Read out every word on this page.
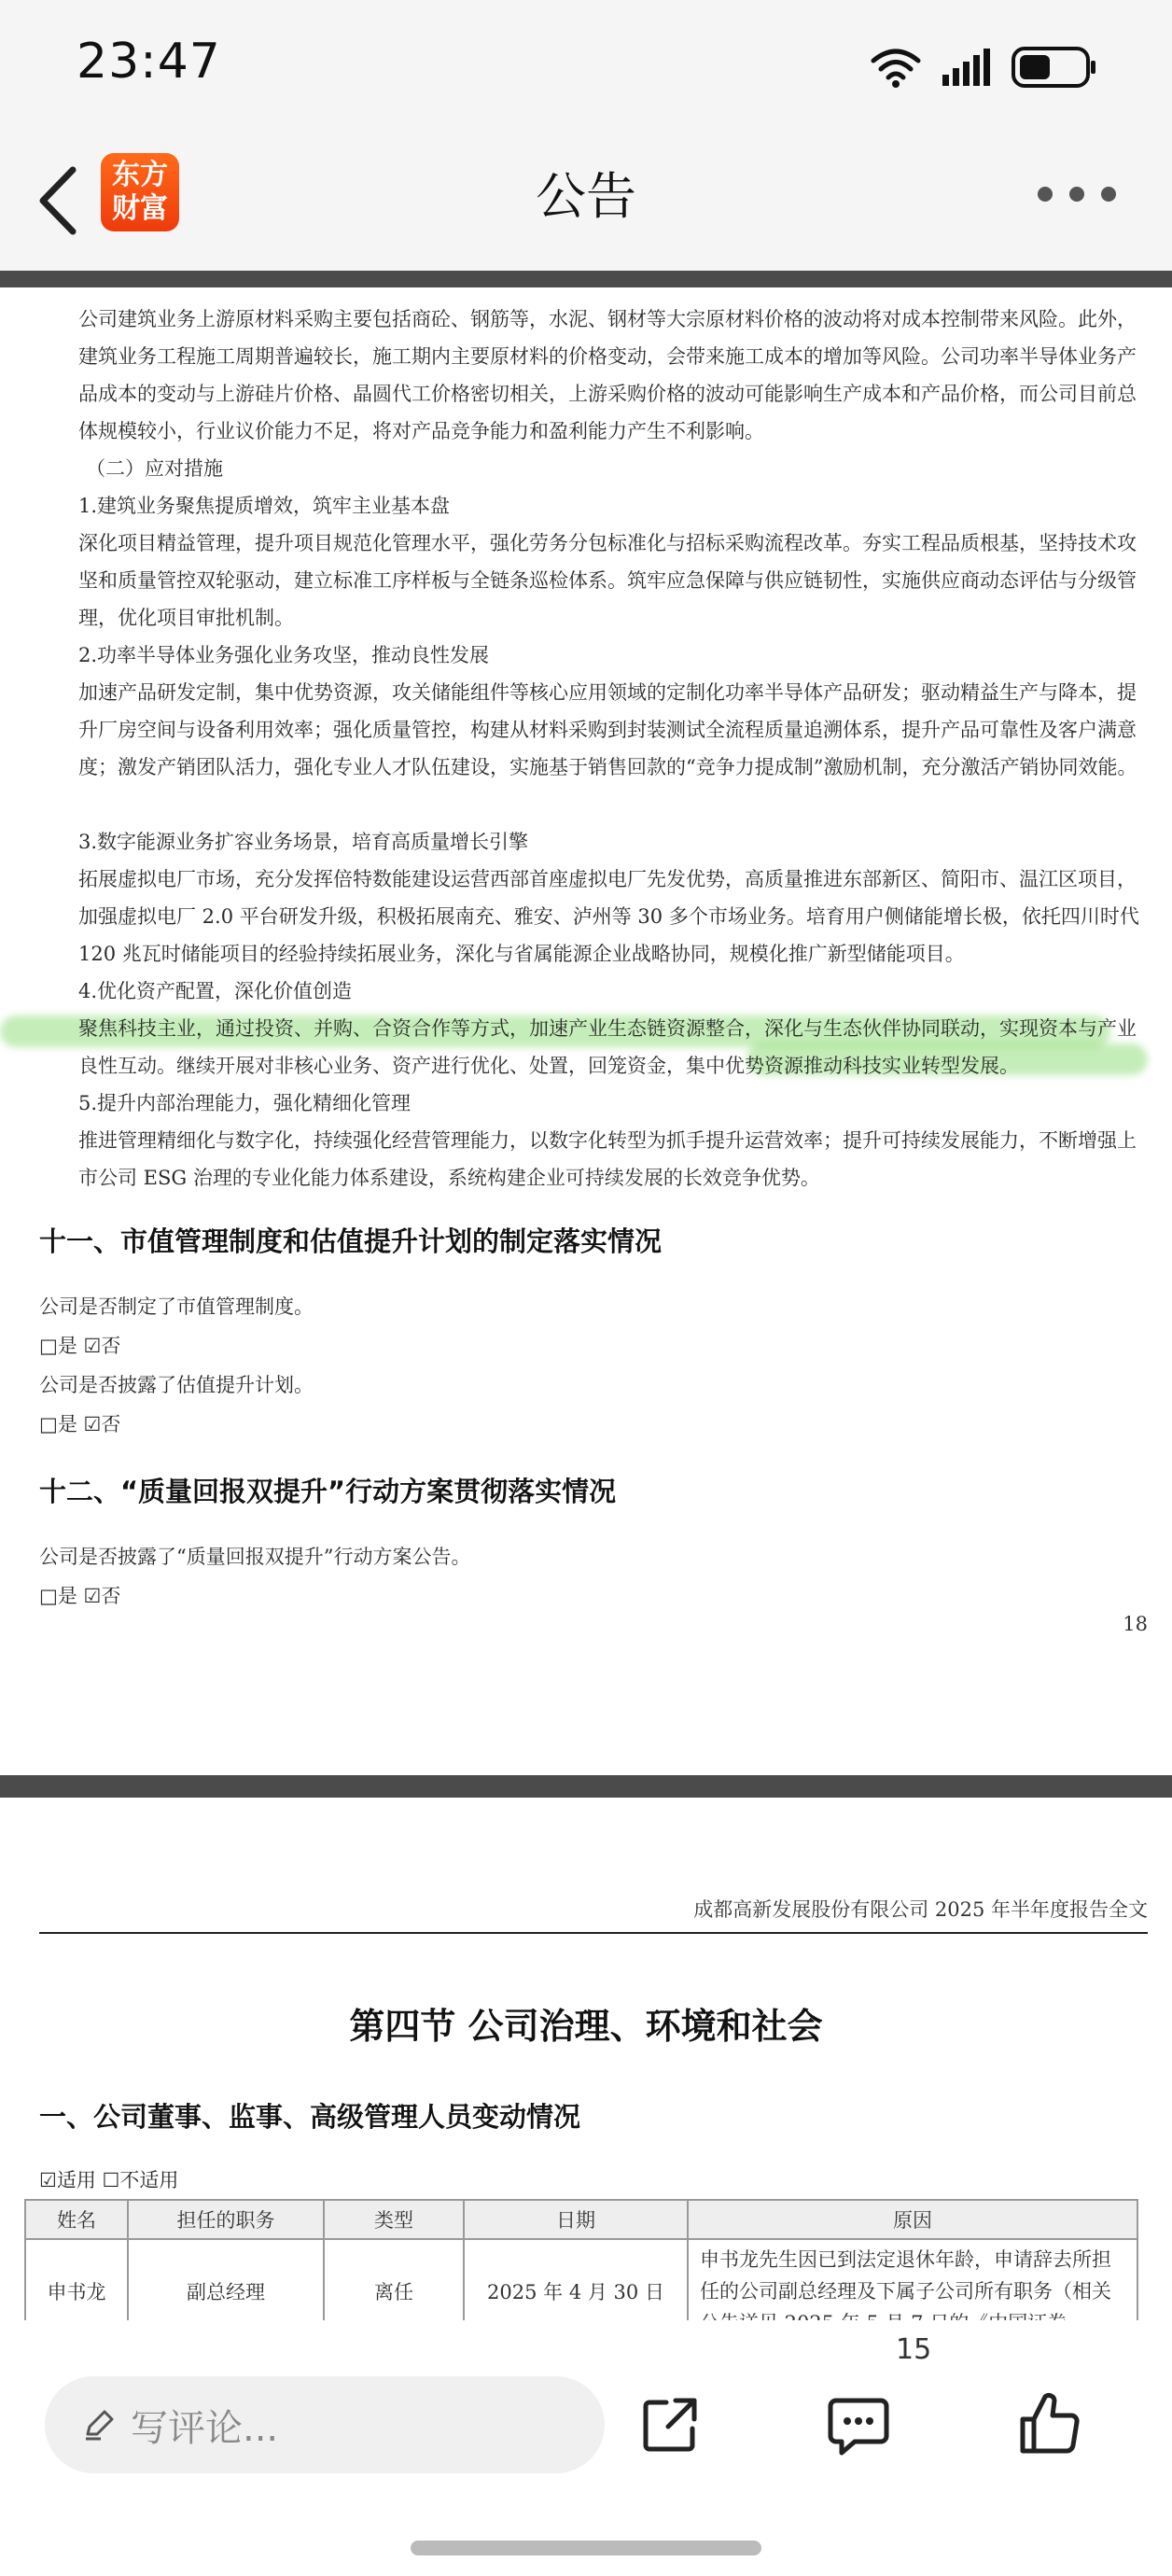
23:47
东方
财富	公告
公司建筑业务上游原材料采购主要包括商砼、钢筋等，水泥、钢材等大宗原材料价格的波动将对成本控制带来风险。此外，建筑业务工程施工周期普遍较长，施工期内主要原材料的价格变动，会带来施工成本的增加等风险。公司功率半导体业务产品成本的变动与上游硅片价格、晶圆代工价格密切相关，上游采购价格的波动可能影响生产成本和产品价格，而公司目前总体规模较小，行业议价能力不足，将对产品竞争能力和盈利能力产生不利影响。
（二）应对措施
1.建筑业务聚焦提质增效，筑牢主业基本盘
深化项目精益管理，提升项目规范化管理水平，强化劳务分包标准化与招标采购流程改革。夯实工程品质根基，坚持技术攻坚和质量管控双轮驱动，建立标准工序样板与全链条巡检体系。筑牢应急保障与供应链韧性，实施供应商动态评估与分级管理，优化项目审批机制。
2.功率半导体业务强化业务攻坚，推动良性发展
加速产品研发定制，集中优势资源，攻关储能组件等核心应用领域的定制化功率半导体产品研发；驱动精益生产与降本，提升厂房空间与设备利用效率；强化质量管控，构建从材料采购到封装测试全流程质量追溯体系，提升产品可靠性及客户满意度；激发产销团队活力，强化专业人才队伍建设，实施基于销售回款的“竞争力提成制”激励机制，充分激活产销协同效能。
3.数字能源业务扩容业务场景，培育高质量增长引擎
拓展虚拟电厂市场，充分发挥倍特数能建设运营西部首座虚拟电厂先发优势，高质量推进东部新区、简阳市、温江区项目，加强虚拟电厂 2.0 平台研发升级，积极拓展南充、雅安、泸州等 30 多个市场业务。培育用户侧储能增长极，依托四川时代 120 兆瓦时储能项目的经验持续拓展业务，深化与省属能源企业战略协同，规模化推广新型储能项目。
4.优化资产配置，深化价值创造
聚焦科技主业，通过投资、并购、合资合作等方式，加速产业生态链资源整合，深化与生态伙伴协同联动，实现资本与产业良性互动。继续开展对非核心业务、资产进行优化、处置，回笼资金，集中优势资源推动科技实业转型发展。
5.提升内部治理能力，强化精细化管理
推进管理精细化与数字化，持续强化经营管理能力，以数字化转型为抓手提升运营效率；提升可持续发展能力，不断增强上市公司 ESG 治理的专业化能力体系建设，系统构建企业可持续发展的长效竞争优势。
十一、市值管理制度和估值提升计划的制定落实情况
公司是否制定了市值管理制度。
□是 ☑否
公司是否披露了估值提升计划。
□是 ☑否
十二、“质量回报双提升”行动方案贯彻落实情况
公司是否披露了“质量回报双提升”行动方案公告。
□是 ☑否
18
成都高新发展股份有限公司 2025 年半年度报告全文
第四节 公司治理、环境和社会
一、公司董事、监事、高级管理人员变动情况
☑适用 ☐不适用
姓名	担任的职务	类型	日期	原因
申书龙	副总经理	离任	2025 年 4 月 30 日	申书龙先生因已到法定退休年龄，申请辞去所担任的公司副总经理及下属子公司所有职务（相关
写评论...
15
